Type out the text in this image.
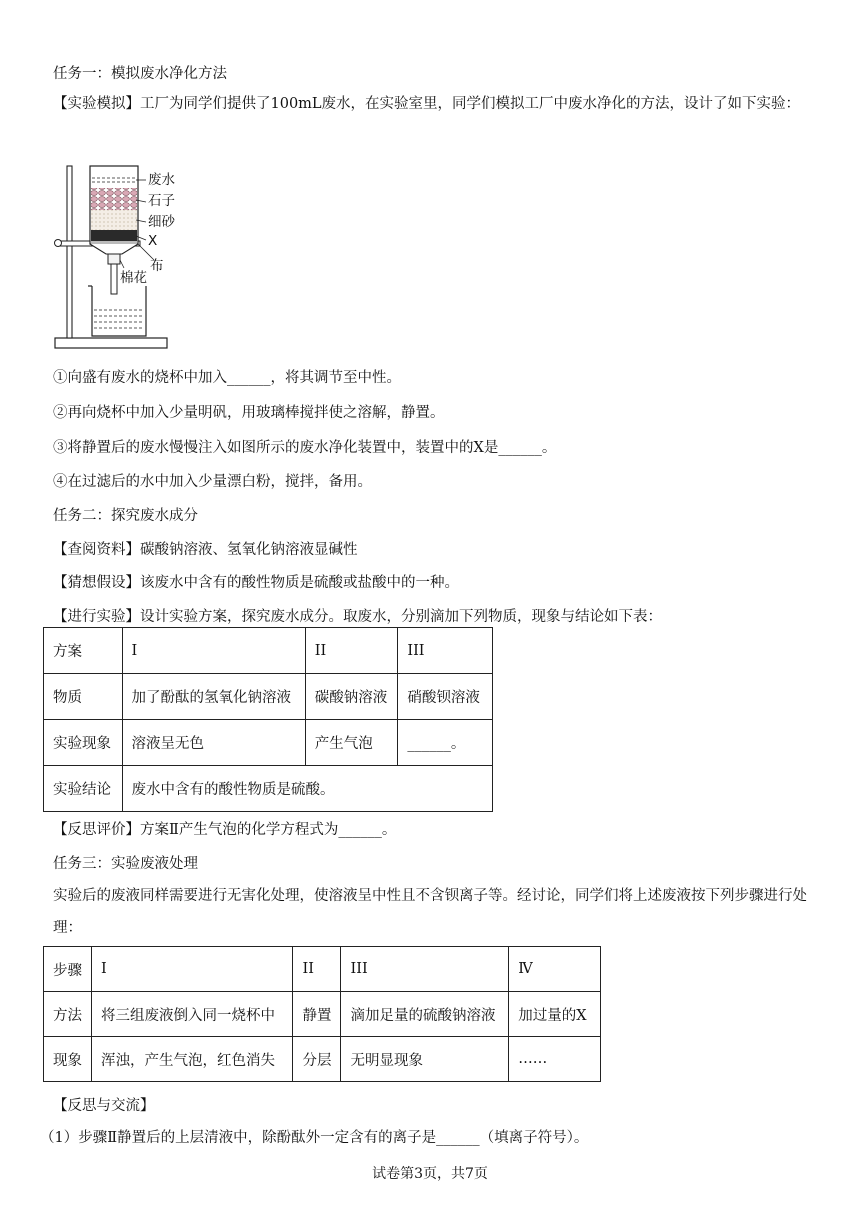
任务一：模拟废水净化方法
【实验模拟】工厂为同学们提供了100mL废水，在实验室里，同学们模拟工厂中废水净化的方法，设计了如下实验：
废水
石子
细砂
X
布
棉花
①向盛有废水的烧杯中加入______，将其调节至中性。
②再向烧杯中加入少量明矾，用玻璃棒搅拌使之溶解，静置。
③将静置后的废水慢慢注入如图所示的废水净化装置中，装置中的X是______。
④在过滤后的水中加入少量漂白粉，搅拌，备用。
任务二：探究废水成分
【查阅资料】碳酸钠溶液、氢氧化钠溶液显碱性
【猜想假设】该废水中含有的酸性物质是硫酸或盐酸中的一种。
【进行实验】设计实验方案，探究废水成分。取废水，分别滴加下列物质，现象与结论如下表：
方案	I	II	III
物质	加了酚酞的氢氧化钠溶液	碳酸钠溶液	硝酸钡溶液
实验现象	溶液呈无色	产生气泡	______。
实验结论	废水中含有的酸性物质是硫酸。		
【反思评价】方案Ⅱ产生气泡的化学方程式为______。
任务三：实验废液处理
实验后的废液同样需要进行无害化处理，使溶液呈中性且不含钡离子等。经讨论，同学们将上述废液按下列步骤进行处理：
步骤	I	II	III	Ⅳ
方法	将三组废液倒入同一烧杯中	静置	滴加足量的硫酸钠溶液	加过量的X
现象	浑浊，产生气泡，红色消失	分层	无明显现象	……
【反思与交流】
（1）步骤Ⅱ静置后的上层清液中，除酚酞外一定含有的离子是______（填离子符号）。
试卷第3页，共7页
